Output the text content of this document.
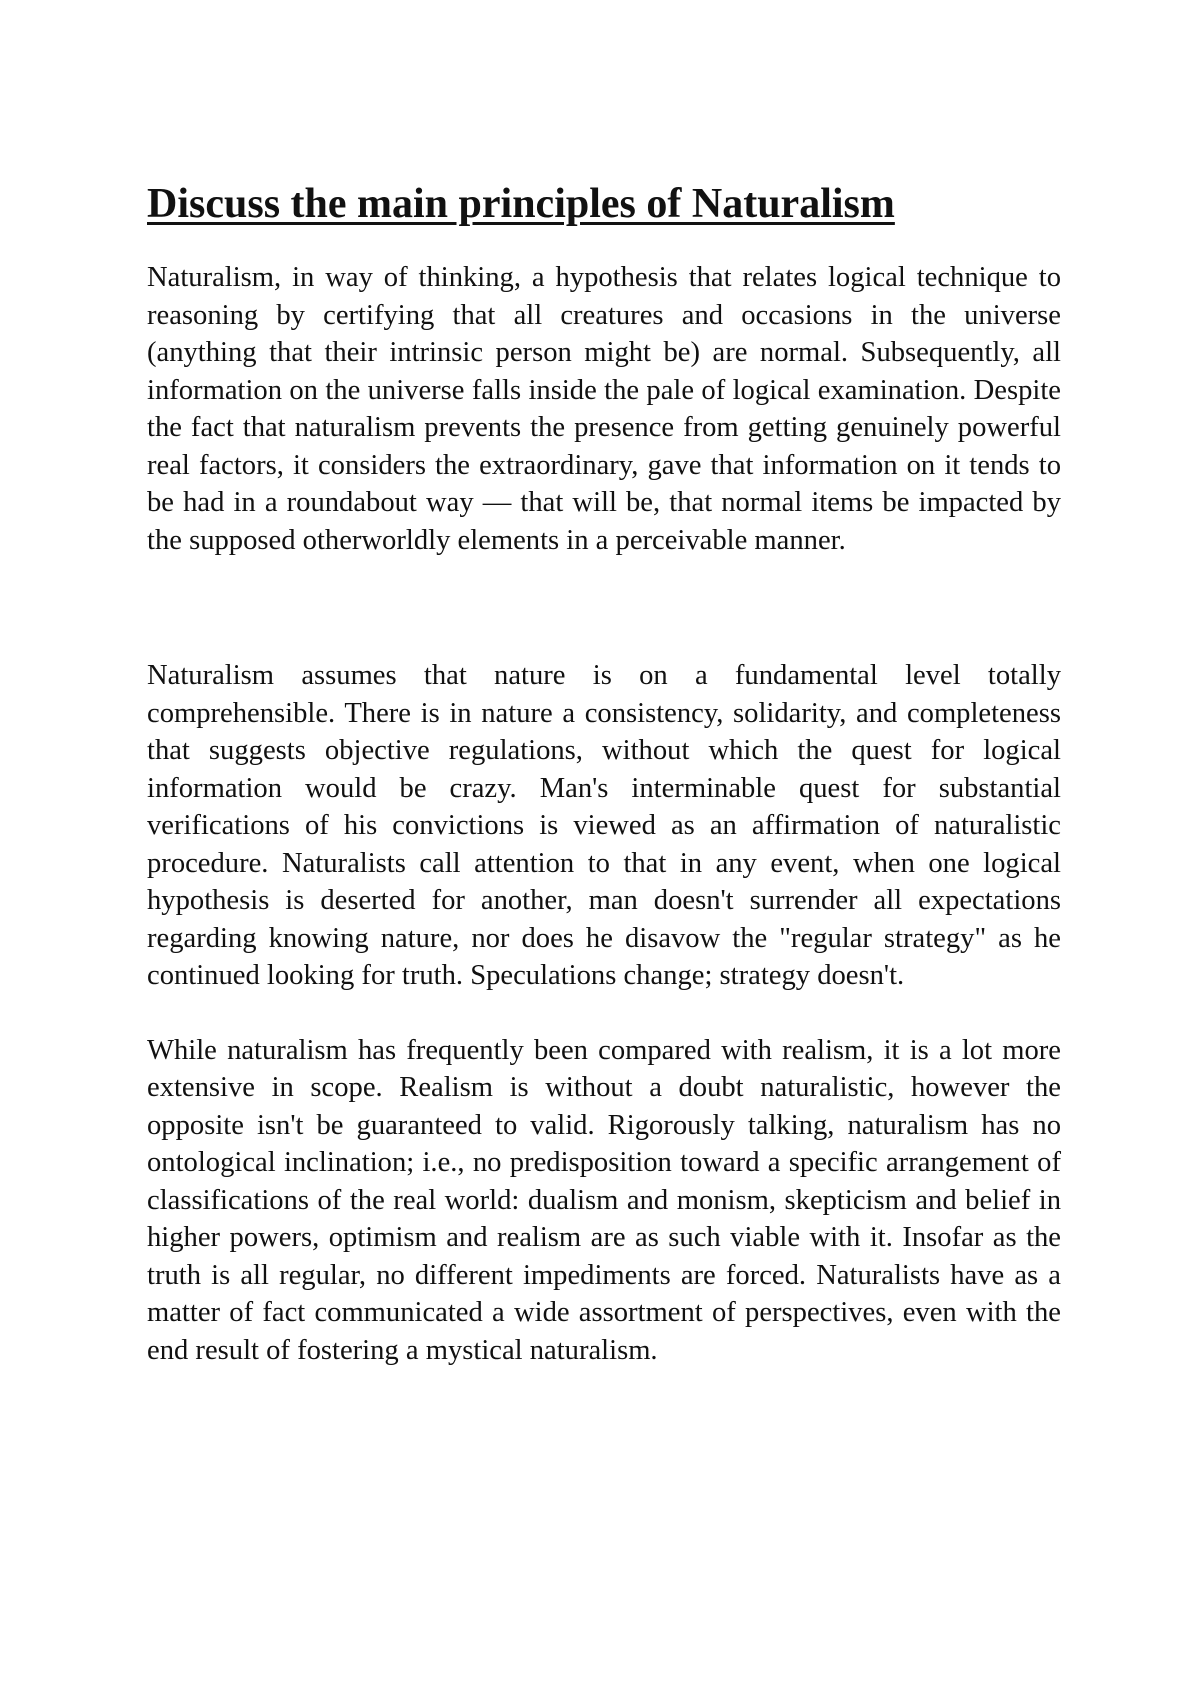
Discuss the main principles of Naturalism

Naturalism, in way of thinking, a hypothesis that relates logical technique to reasoning by certifying that all creatures and occasions in the universe (anything that their intrinsic person might be) are normal. Subsequently, all information on the universe falls inside the pale of logical examination. Despite the fact that naturalism prevents the presence from getting genuinely powerful real factors, it considers the extraordinary, gave that information on it tends to be had in a roundabout way — that will be, that normal items be impacted by the supposed otherworldly elements in a perceivable manner.

Naturalism assumes that nature is on a fundamental level totally comprehensible. There is in nature a consistency, solidarity, and completeness that suggests objective regulations, without which the quest for logical information would be crazy. Man's interminable quest for substantial verifications of his convictions is viewed as an affirmation of naturalistic procedure. Naturalists call attention to that in any event, when one logical hypothesis is deserted for another, man doesn't surrender all expectations regarding knowing nature, nor does he disavow the "regular strategy" as he continued looking for truth. Speculations change; strategy doesn't.

While naturalism has frequently been compared with realism, it is a lot more extensive in scope. Realism is without a doubt naturalistic, however the opposite isn't be guaranteed to valid. Rigorously talking, naturalism has no ontological inclination; i.e., no predisposition toward a specific arrangement of classifications of the real world: dualism and monism, skepticism and belief in higher powers, optimism and realism are as such viable with it. Insofar as the truth is all regular, no different impediments are forced. Naturalists have as a matter of fact communicated a wide assortment of perspectives, even with the end result of fostering a mystical naturalism.
